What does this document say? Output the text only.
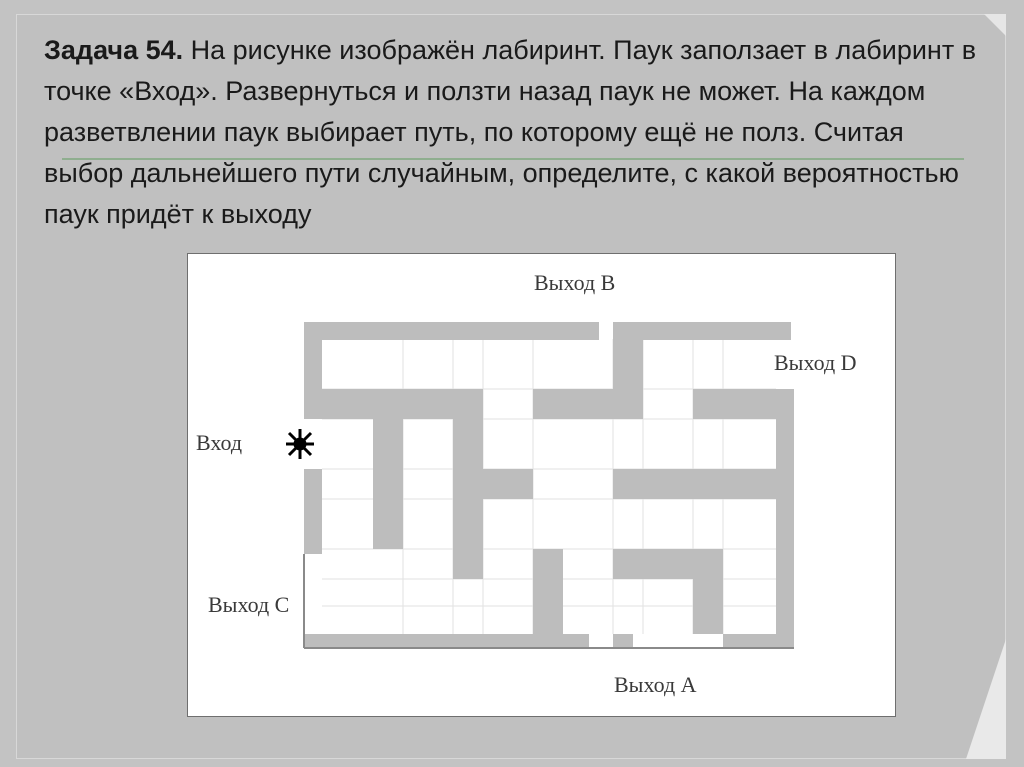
Задача 54. На рисунке изображён лабиринт. Паук заползает в лабиринт в точке «Вход». Развернуться и ползти назад паук не может. На каждом разветвлении паук выбирает путь, по которому ещё не полз. Считая выбор дальнейшего пути случайным, определите, с какой вероятностью паук придёт к выходу

Выход B
Выход D
Вход
Выход C
Выход A
